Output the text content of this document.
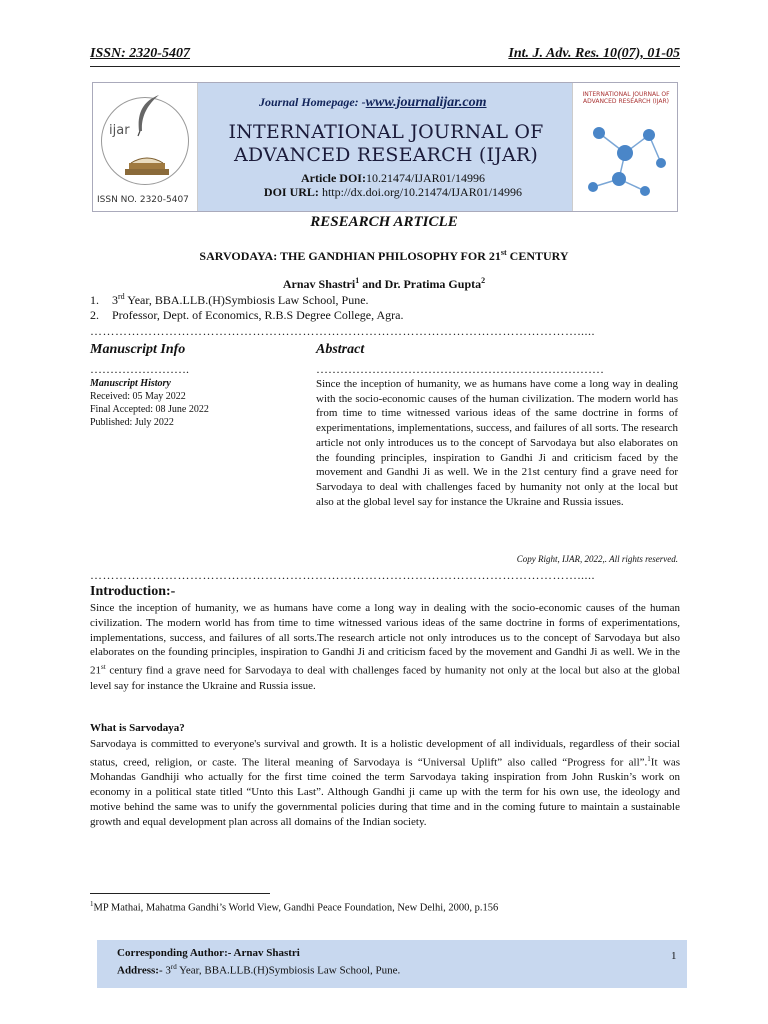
ISSN: 2320-5407	Int. J. Adv. Res. 10(07), 01-05
ijar
ISSN NO. 2320-5407
Journal Homepage: -www.journalijar.com
INTERNATIONAL JOURNAL OF
ADVANCED RESEARCH (IJAR)
Article DOI:10.21474/IJAR01/14996
DOI URL: http://dx.doi.org/10.21474/IJAR01/14996
INTERNATIONAL JOURNAL OF ADVANCED RESEARCH (IJAR)
RESEARCH ARTICLE
SARVODAYA: THE GANDHIAN PHILOSOPHY FOR 21st CENTURY
Arnav Shastri$^1$ and Dr. Pratima Gupta$^2$
1. 3rd Year, BBA.LLB.(H)Symbiosis Law School, Pune.
2. Professor, Dept. of Economics, R.B.S Degree College, Agra.
……………………………………………………………………………………………………….....
Manuscript Info	Abstract
…………………….	………………………………………………………………
Manuscript History
Received: 05 May 2022
Final Accepted: 08 June 2022
Published: July 2022
Since the inception of humanity, we as humans have come a long way in dealing with the socio-economic causes of the human civilization. The modern world has from time to time witnessed various ideas of the same doctrine in forms of experimentations, implementations, success, and failures of all sorts. The research article not only introduces us to the concept of Sarvodaya but also elaborates on the founding principles, inspiration to Gandhi Ji and criticism faced by the movement and Gandhi Ji as well. We in the 21st century find a grave need for Sarvodaya to deal with challenges faced by humanity not only at the local but also at the global level say for instance the Ukraine and Russia issues.
Copy Right, IJAR, 2022,. All rights reserved.
……………………………………………………………………………………………………….....
Introduction:-
Since the inception of humanity, we as humans have come a long way in dealing with the socio-economic causes of the human civilization. The modern world has from time to time witnessed various ideas of the same doctrine in forms of experimentations, implementations, success, and failures of all sorts.The research article not only introduces us to the concept of Sarvodaya but also elaborates on the founding principles, inspiration to Gandhi Ji and criticism faced by the movement and Gandhi Ji as well. We in the 21st century find a grave need for Sarvodaya to deal with challenges faced by humanity not only at the local but also at the global level say for instance the Ukraine and Russia issue.
What is Sarvodaya?
Sarvodaya is committed to everyone's survival and growth. It is a holistic development of all individuals, regardless of their social status, creed, religion, or caste. The literal meaning of Sarvodaya is “Universal Uplift” also called “Progress for all”.$^1$It was Mohandas Gandhiji who actually for the first time coined the term Sarvodaya taking inspiration from John Ruskin’s work on economy in a political state titled “Unto this Last”. Although Gandhi ji came up with the term for his own use, the ideology and motive behind the same was to unify the governmental policies during that time and in the coming future to maintain a sustainable growth and equal development plan across all domains of the Indian society.
$^1$MP Mathai, Mahatma Gandhi’s World View, Gandhi Peace Foundation, New Delhi, 2000, p.156
Corresponding Author:- Arnav Shastri
Address:- 3rd Year, BBA.LLB.(H)Symbiosis Law School, Pune.
1
